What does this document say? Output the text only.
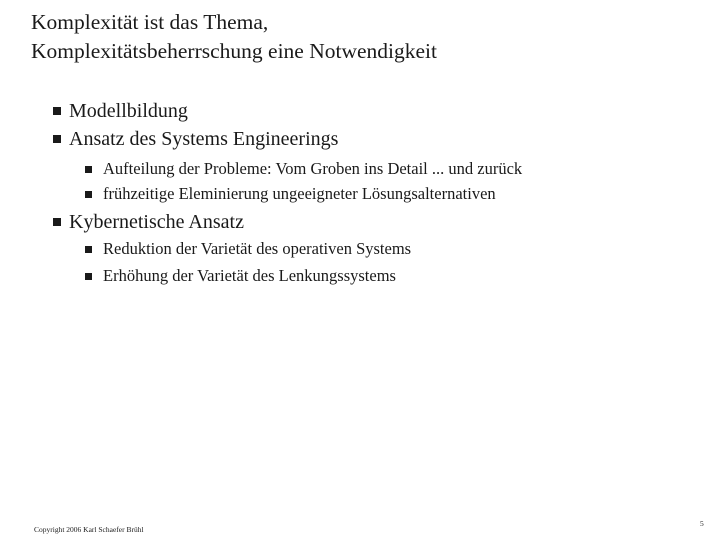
Komplexität ist das Thema,
Komplexitätsbeherrschung eine Notwendigkeit
Modellbildung
Ansatz des Systems Engineerings
Aufteilung der Probleme: Vom Groben ins Detail ... und zurück
frühzeitige Eleminierung ungeeigneter Lösungsalternativen
Kybernetische Ansatz
Reduktion der Varietät des operativen Systems
Erhöhung der Varietät des Lenkungssystems
Copyright 2006 Karl Schaefer Brühl
5
